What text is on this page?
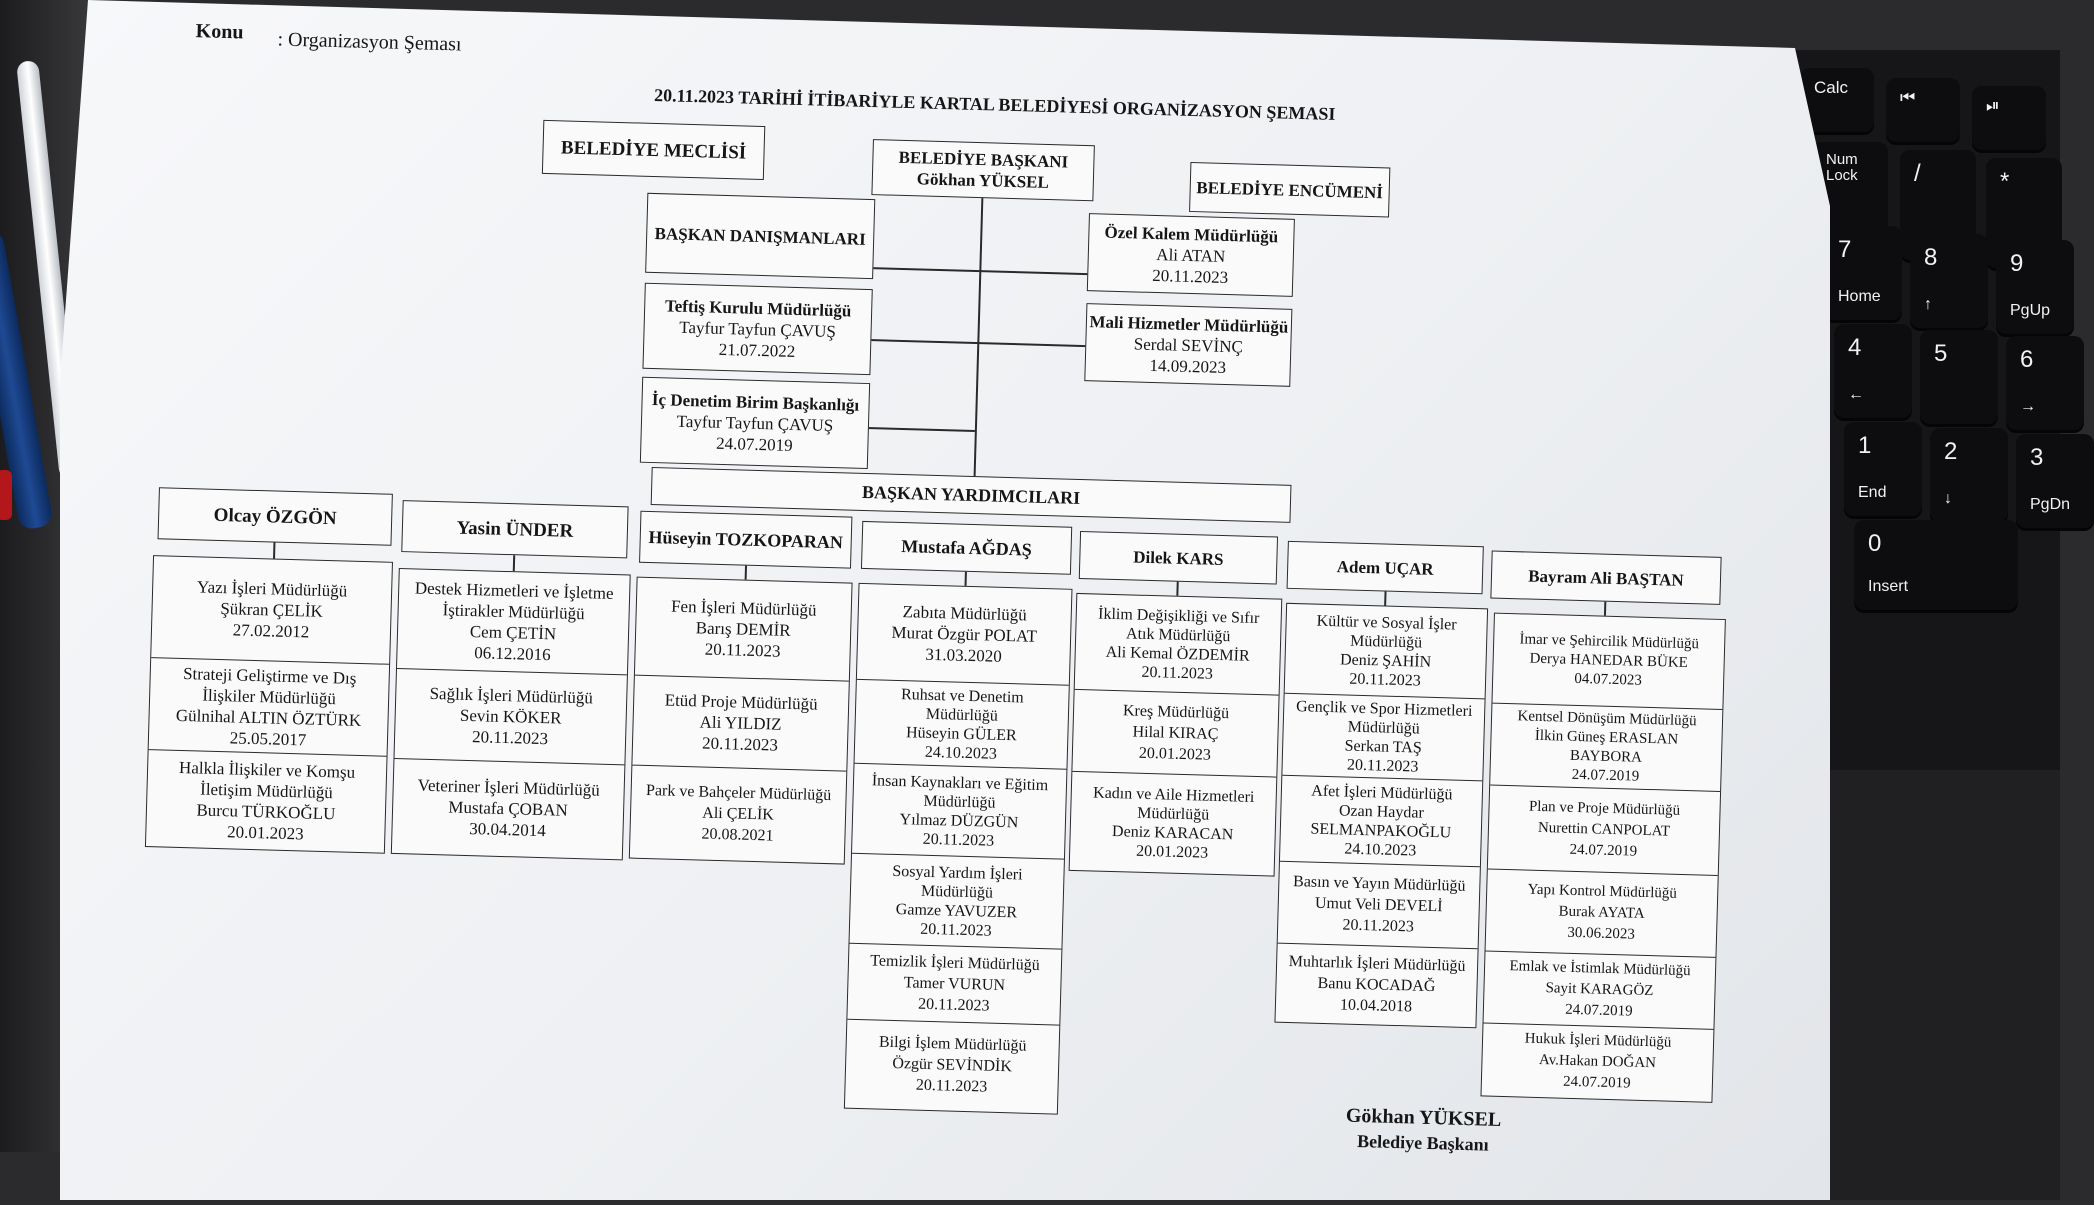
Calc
⏮	⏯
Num Lock	/	*
7
Home
8
↑
9
PgUp
4
←
5	6
→
1
End
2
↓
3
PgDn
0
Insert
Konu : Organizasyon Şeması
20.11.2023 TARİHİ İTİBARİYLE KARTAL BELEDİYESİ ORGANİZASYON ŞEMASI
BELEDİYE MECLİSİ	BELEDİYE BAŞKANI
Gökhan YÜKSEL	BELEDİYE ENCÜMENİ
BAŞKAN DANIŞMANLARI
Teftiş Kurulu Müdürlüğü
Tayfur Tayfun ÇAVUŞ
21.07.2022
İç Denetim Birim Başkanlığı
Tayfur Tayfun ÇAVUŞ
24.07.2019
Özel Kalem Müdürlüğü
Ali ATAN
20.11.2023
Mali Hizmetler Müdürlüğü
Serdal SEVİNÇ
14.09.2023
BAŞKAN YARDIMCILARI
Olcay ÖZGÖN
Yasin ÜNDER	Hüseyin TOZKOPARAN	Mustafa AĞDAŞ	Dilek KARS	Adem UÇAR	Bayram Ali BAŞTAN
Yazı İşleri Müdürlüğü
Şükran ÇELİK
27.02.2012
Strateji Geliştirme ve Dış
İlişkiler Müdürlüğü
Gülnihal ALTIN ÖZTÜRK
25.05.2017
Halkla İlişkiler ve Komşu
İletişim Müdürlüğü
Burcu TÜRKOĞLU
20.01.2023
Destek Hizmetleri ve İşletme
İştirakler Müdürlüğü
Cem ÇETİN
06.12.2016
Sağlık İşleri Müdürlüğü
Sevin KÖKER
20.11.2023
Veteriner İşleri Müdürlüğü
Mustafa ÇOBAN
30.04.2014
Fen İşleri Müdürlüğü
Barış DEMİR
20.11.2023
Etüd Proje Müdürlüğü
Ali YILDIZ
20.11.2023
Park ve Bahçeler Müdürlüğü
Ali ÇELİK
20.08.2021
Zabıta Müdürlüğü
Murat Özgür POLAT
31.03.2020
Ruhsat ve Denetim
Müdürlüğü
Hüseyin GÜLER
24.10.2023
İnsan Kaynakları ve Eğitim
Müdürlüğü
Yılmaz DÜZGÜN
20.11.2023
Sosyal Yardım İşleri
Müdürlüğü
Gamze YAVUZER
20.11.2023
Temizlik İşleri Müdürlüğü
Tamer VURUN
20.11.2023
Bilgi İşlem Müdürlüğü
Özgür SEVİNDİK
20.11.2023
İklim Değişikliği ve Sıfır
Atık Müdürlüğü
Ali Kemal ÖZDEMİR
20.11.2023
Kreş Müdürlüğü
Hilal KIRAÇ
20.01.2023
Kadın ve Aile Hizmetleri
Müdürlüğü
Deniz KARACAN
20.01.2023
Kültür ve Sosyal İşler
Müdürlüğü
Deniz ŞAHİN
20.11.2023
Gençlik ve Spor Hizmetleri
Müdürlüğü
Serkan TAŞ
20.11.2023
Afet İşleri Müdürlüğü
Ozan Haydar
SELMANPAKOĞLU
24.10.2023
Basın ve Yayın Müdürlüğü
Umut Veli DEVELİ
20.11.2023
Muhtarlık İşleri Müdürlüğü
Banu KOCADAĞ
10.04.2018
İmar ve Şehircilik Müdürlüğü
Derya HANEDAR BÜKE
04.07.2023
Kentsel Dönüşüm Müdürlüğü
İlkin Güneş ERASLAN
BAYBORA
24.07.2019
Plan ve Proje Müdürlüğü
Nurettin CANPOLAT
24.07.2019
Yapı Kontrol Müdürlüğü
Burak AYATA
30.06.2023
Emlak ve İstimlak Müdürlüğü
Sayit KARAGÖZ
24.07.2019
Hukuk İşleri Müdürlüğü
Av.Hakan DOĞAN
24.07.2019
Gökhan YÜKSEL
Belediye Başkanı
